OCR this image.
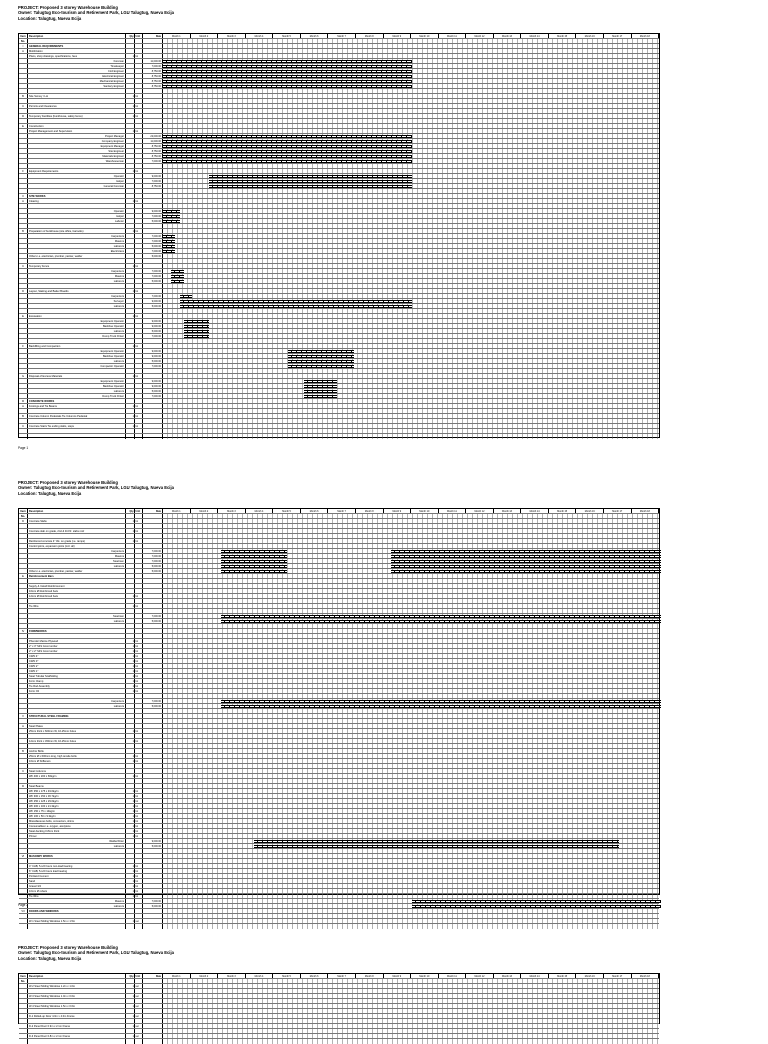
PROJECT: Proposed 3 storey Warehouse Building
Owner: Talugtug Eco-tourism and Retirement Park, LGU Talugtug, Nueva Ecija
Location: Talugtug, Nueva Ecija
Item No.
Description	Qty. Unit	Rate	Month 1	Month 2	Month 3	Month 4	Month 5	Month 6	Month 7	Month 8	Month 9	Month 10	Month 11	Month 12	Month 13	Month 14	Month 15	Month 16	Month 17	Month 18
I	GENERAL REQUIREMENTS
A	Mobilization
Plans, shop drawings, specifications, fees	1 lot
Foreman	11,000.00
Timekeeper	7,000.00
Civil Engineer	8,750.00
Electrical Engineer	8,750.00
Mechanical Engineer	8,750.00
Sanitary Engineer	8,750.00
B	Site Survey / Lot	1 lot
C	Permits and Clearances	1 lot
D	Temporary Facilities (bunkhouse, safety fence)	1 lot
E	Construction
Project Management and Supervision	1 lot
Project Manager	22,000.00
Company Engineer	11,000.00
Equipment Manager	8,750.00
Site Engineer	8,750.00
Materials Engineer	8,750.00
Warehouseman	7,000.00
F	Equipment Requirements	1 lot
Operator	9,000.00
Helper	7,000.00
General Foreman	8,750.00
II	SITE WORKS
A	Clearing	1 lot
Operator	9,000.00
Helper	7,000.00
Laborer	5,000.00
B	Preparation of bunkhouse (site office, barracks)	1 lot
Carpenters	7,000.00
Masons	7,000.00
Laborers	5,000.00
Electricians	7,000.00
Others i.e. electrician, plumber, painter, welder	5,000.00
C	Temporary Fence	1 lot
Carpenters	7,000.00
Masons	7,000.00
Laborers	5,000.00
D	Layout, Staking and Batter Boards	1 lot
Carpenters	7,000.00
Surveyor	9,000.00
Laborers	5,000.00
E	Excavation	1 lot
Equipment Operator	9,000.00
Backhoe Operator	9,000.00
Laborers	5,000.00
Dump Truck Driver	7,000.00
F	Backfilling and Compaction	1 lot
Equipment Operator	9,000.00
Backhoe Operator	9,000.00
Laborers	5,000.00
Compactor Operator	7,000.00
G	Disposal of Excess Materials	1 lot
Equipment Operator	9,000.00
Backhoe Operator	9,000.00
Laborers	5,000.00
Dump Truck Driver	7,000.00
III	CONCRETE WORKS
A	Footings and Tie Beams	1 lot
B	Concrete Column Pedestals Tie Columns Pedestal	1 lot
C	Concrete Stairs Tie ending slabs, steps	1 lot
Page 1
PROJECT: Proposed 3 storey Warehouse Building
Owner: Talugtug Eco-tourism and Retirement Park, LGU Talugtug, Nueva Ecija
Location: Talugtug, Nueva Ecija
Item No.
Description	Qty. Unit	Rate	Month 1	Month 2	Month 3	Month 4	Month 5	Month 6	Month 7	Month 8	Month 9	Month 10	Month 11	Month 12	Month 13	Month 14	Month 15	Month 16	Month 17	Month 18
D	Concrete Slabs	1 lot
Concrete slab on grade, 2nd & 3rd flr. slabs roof	1 lot
Reinforced concrete 4" thk. on grade (i.e. ramps)	1 lot
Control joints, expansion joints (incl. all)
Carpenters	7,000.00
Masons	7,000.00
Steelmen	7,000.00
Laborers	5,000.00
Others i.e. electrician, plumber, painter, welder	5,000.00
E	Reinforcement Bars
Supply & Install Reinforcement
16mm Ø Reinforced bars
12mm Ø Reinforced bars	1 lot
Tie Wire	1 lot
Steelmen	7,000.00
Laborers	5,000.00
IV	FORMWORKS
Phenolic Marine Plywood	1 lot
2" x 3" S4S Coco lumber	1 lot
2" x 2" S4S Coco lumber	1 lot
CWN 4"	1 lot
CWN 3"	1 lot
CWN 2"	1 lot
CWN 1"	1 lot
Steel Tubular Scaffolding	1 lot
Form Clamp	1 lot
Tie Rod Assembly	1 lot
Form Oil	1 lot
Carpenters	7,000.00
Laborers	5,000.00
V	STRUCTURAL STEEL FRAMING
A	Steel Plates
25mm thick x 600mm W, 16-25mm holes	1 lot
12mm thick x 450mm W, 16-25mm holes	1 lot
B	Anchor Bolts
25mm Ø x 600mm long, high tensile bolts	1 lot
16mm Ø Stiffeners	1 lot
C	Steel Columns
WF 400 x 200 x 66kg/m	1 lot
D	Steel Beams
WF 350 x 175 x 49.6kg/m	1 lot
WF 300 x 150 x 36.7kg/m	1 lot
WF 250 x 125 x 29.6kg/m	1 lot
WF 200 x 100 x 21.3kg/m	1 lot
WF 150 x 75 x 14kg/m	1 lot
WF 100 x 50 x 9.3kg/m	1 lot
Miscellaneous bolts, connectors, shims	1 lot
Consumables i.e. oxygen, acetylene	1 lot
Steel decking 0.8mm thick	1 lot
Primer	1 lot
Welder/Fitter	9,000.00
Laborers	5,000.00
VI	MASONRY WORKS
4" CHB, 5-1/2 hours non-load bearing	1 lot
6" CHB, 5-1/2 hours load bearing	1 lot
Portland Cement	1 lot
Sand	1 lot
Gravel 3/4	1 lot
10mm Ø rebars	1 lot
Tie Wire	1 lot
Masons	7,000.00
Laborers	5,000.00
VII	DOORS AND WINDOWS
W-1 Steel Sliding Windows 1.5m x 1.5m	1 set
Page 2
PROJECT: Proposed 3 storey Warehouse Building
Owner: Talugtug Eco-tourism and Retirement Park, LGU Talugtug, Nueva Ecija
Location: Talugtug, Nueva Ecija
Item No.
Description	Qty. Unit	Rate	Month 1	Month 2	Month 3	Month 4	Month 5	Month 6	Month 7	Month 8	Month 9	Month 10	Month 11	Month 12	Month 13	Month 14	Month 15	Month 16	Month 17	Month 18
W-2 Steel Sliding Windows 1.2m x 1.0m	1 set
W-3 Steel Sliding Windows 1.0m x 0.6m	1 set
W-4 Steel Sliding Windows 1.5m x 0.6m	1 set
D-1 Rolled-up Door 4.0m x 4.0m Frame	1 set
D-2 Panel Door 0.9m x 2.1m Frame	1 set
D-3 Panel Door 0.8m x 2.1m Frame	1 set
